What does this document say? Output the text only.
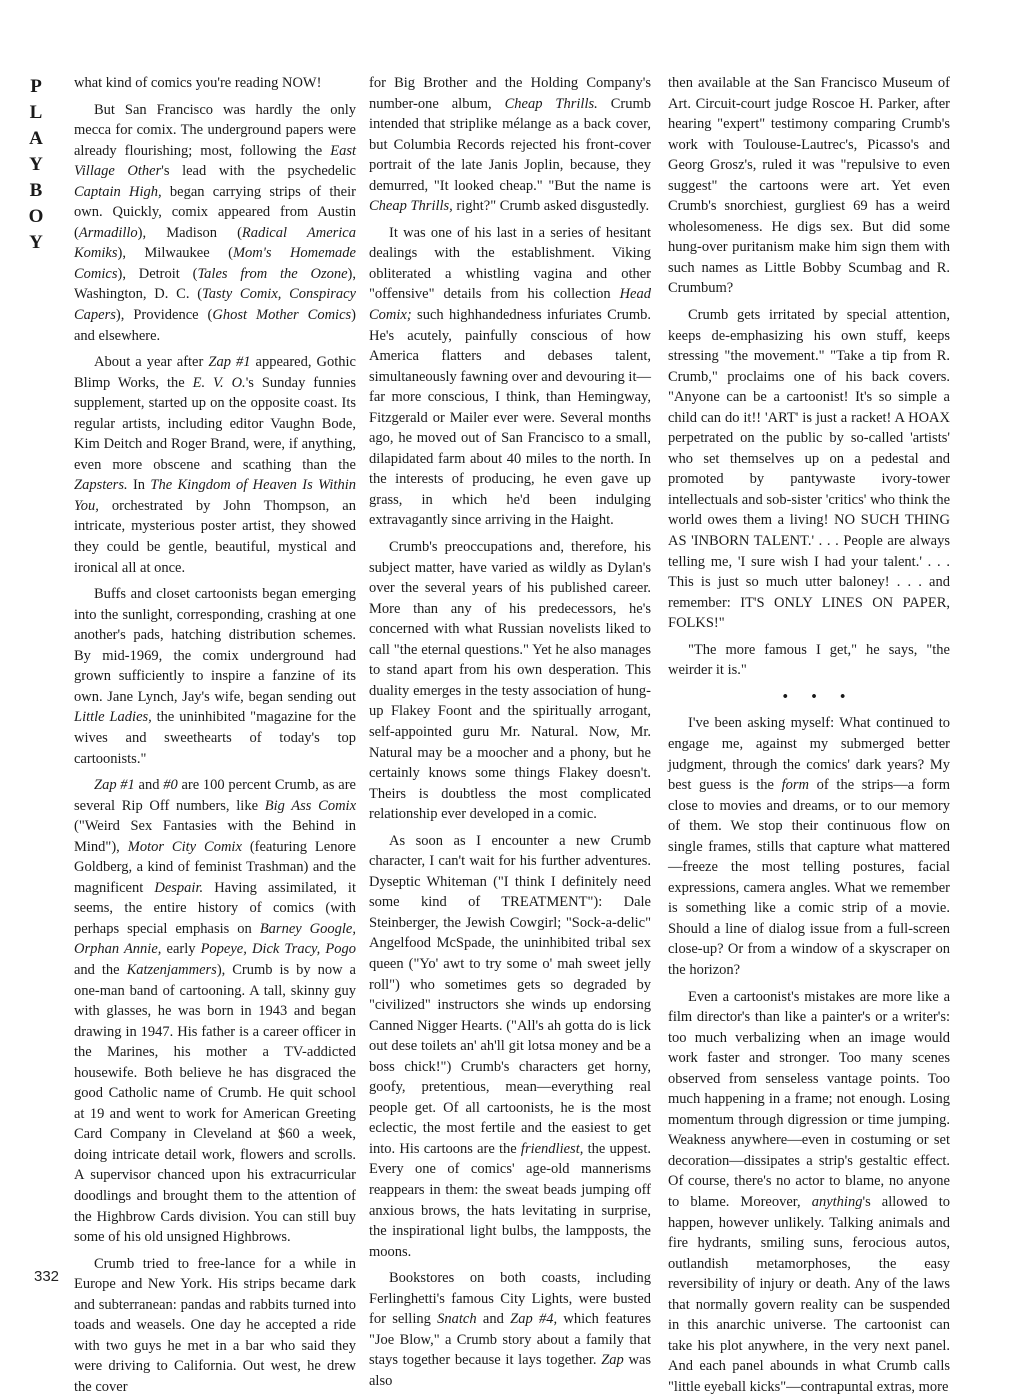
P
L
A
Y
B
O
Y

what kind of comics you're reading NOW!

But San Francisco was hardly the only mecca for comix. The underground papers were already flourishing; most, following the East Village Other's lead with the psychedelic Captain High, began carrying strips of their own. Quickly, comix appeared from Austin (Armadillo), Madison (Radical America Komiks), Milwaukee (Mom's Homemade Comics), Detroit (Tales from the Ozone), Washington, D. C. (Tasty Comix, Conspiracy Capers), Providence (Ghost Mother Comics) and elsewhere.

About a year after Zap #1 appeared, Gothic Blimp Works, the E. V. O.'s Sunday funnies supplement, started up on the opposite coast. Its regular artists, including editor Vaughn Bode, Kim Deitch and Roger Brand, were, if anything, even more obscene and scathing than the Zapsters. In The Kingdom of Heaven Is Within You, orchestrated by John Thompson, an intricate, mysterious poster artist, they showed they could be gentle, beautiful, mystical and ironical all at once.

Buffs and closet cartoonists began emerging into the sunlight, corresponding, crashing at one another's pads, hatching distribution schemes. By mid-1969, the comix underground had grown sufficiently to inspire a fanzine of its own. Jane Lynch, Jay's wife, began sending out Little Ladies, the uninhibited "magazine for the wives and sweethearts of today's top cartoonists."

Zap #1 and #0 are 100 percent Crumb, as are several Rip Off numbers, like Big Ass Comix ("Weird Sex Fantasies with the Behind in Mind"), Motor City Comix (featuring Lenore Goldberg, a kind of feminist Trashman) and the magnificent Despair. Having assimilated, it seems, the entire history of comics (with perhaps special emphasis on Barney Google, Orphan Annie, early Popeye, Dick Tracy, Pogo and the Katzenjammers), Crumb is by now a one-man band of cartooning. A tall, skinny guy with glasses, he was born in 1943 and began drawing in 1947. His father is a career officer in the Marines, his mother a TV-addicted housewife. Both believe he has disgraced the good Catholic name of Crumb. He quit school at 19 and went to work for American Greeting Card Company in Cleveland at $60 a week, doing intricate detail work, flowers and scrolls. A supervisor chanced upon his extracurricular doodlings and brought them to the attention of the Highbrow Cards division. You can still buy some of his old unsigned Highbrows.

Crumb tried to free-lance for a while in Europe and New York. His strips became dark and subterranean: pandas and rabbits turned into toads and weasels. One day he accepted a ride with two guys he met in a bar who said they were driving to California. Out west, he drew the cover

for Big Brother and the Holding Company's number-one album, Cheap Thrills. Crumb intended that striplike mélange as a back cover, but Columbia Records rejected his front-cover portrait of the late Janis Joplin, because, they demurred, "It looked cheap." "But the name is Cheap Thrills, right?" Crumb asked disgustedly.

It was one of his last in a series of hesitant dealings with the establishment. Viking obliterated a whistling vagina and other "offensive" details from his collection Head Comix; such highhandedness infuriates Crumb. He's acutely, painfully conscious of how America flatters and debases talent, simultaneously fawning over and devouring it—far more conscious, I think, than Hemingway, Fitzgerald or Mailer ever were. Several months ago, he moved out of San Francisco to a small, dilapidated farm about 40 miles to the north. In the interests of producing, he even gave up grass, in which he'd been indulging extravagantly since arriving in the Haight.

Crumb's preoccupations and, therefore, his subject matter, have varied as wildly as Dylan's over the several years of his published career. More than any of his predecessors, he's concerned with what Russian novelists liked to call "the eternal questions." Yet he also manages to stand apart from his own desperation. This duality emerges in the testy association of hung-up Flakey Foont and the spiritually arrogant, self-appointed guru Mr. Natural. Now, Mr. Natural may be a moocher and a phony, but he certainly knows some things Flakey doesn't. Theirs is doubtless the most complicated relationship ever developed in a comic.

As soon as I encounter a new Crumb character, I can't wait for his further adventures. Dyseptic Whiteman ("I think I definitely need some kind of TREATMENT"): Dale Steinberger, the Jewish Cowgirl; "Sock-a-delic" Angelfood McSpade, the uninhibited tribal sex queen ("Yo' awt to try some o' mah sweet jelly roll") who sometimes gets so degraded by "civilized" instructors she winds up endorsing Canned Nigger Hearts. ("All's ah gotta do is lick out dese toilets an' ah'll git lotsa money and be a boss chick!") Crumb's characters get horny, goofy, pretentious, mean—everything real people get. Of all cartoonists, he is the most eclectic, the most fertile and the easiest to get into. His cartoons are the friendliest, the uppest. Every one of comics' age-old mannerisms reappears in them: the sweat beads jumping off anxious brows, the hats levitating in surprise, the inspirational light bulbs, the lampposts, the moons.

Bookstores on both coasts, including Ferlinghetti's famous City Lights, were busted for selling Snatch and Zap #4, which features "Joe Blow," a Crumb story about a family that stays together because it lays together. Zap was also

then available at the San Francisco Museum of Art. Circuit-court judge Roscoe H. Parker, after hearing "expert" testimony comparing Crumb's work with Toulouse-Lautrec's, Picasso's and Georg Grosz's, ruled it was "repulsive to even suggest" the cartoons were art. Yet even Crumb's snorchiest, gurgliest 69 has a weird wholesomeness. He digs sex. But did some hung-over puritanism make him sign them with such names as Little Bobby Scumbag and R. Crumbum?

Crumb gets irritated by special attention, keeps de-emphasizing his own stuff, keeps stressing "the movement." "Take a tip from R. Crumb," proclaims one of his back covers. "Anyone can be a cartoonist! It's so simple a child can do it!! 'ART' is just a racket! A HOAX perpetrated on the public by so-called 'artists' who set themselves up on a pedestal and promoted by pantywaste ivory-tower intellectuals and sob-sister 'critics' who think the world owes them a living! NO SUCH THING AS 'INBORN TALENT.' . . . People are always telling me, 'I sure wish I had your talent.' . . . This is just so much utter baloney! . . . and remember: IT'S ONLY LINES ON PAPER, FOLKS!"

"The more famous I get," he says, "the weirder it is."

• • •

I've been asking myself: What continued to engage me, against my submerged better judgment, through the comics' dark years? My best guess is the form of the strips—a form close to movies and dreams, or to our memory of them. We stop their continuous flow on single frames, stills that capture what mattered—freeze the most telling postures, facial expressions, camera angles. What we remember is something like a comic strip of a movie. Should a line of dialog issue from a full-screen close-up? Or from a window of a skyscraper on the horizon?

Even a cartoonist's mistakes are more like a film director's than like a painter's or a writer's: too much verbalizing when an image would work faster and stronger. Too many scenes observed from senseless vantage points. Too much happening in a frame; not enough. Losing momentum through digression or time jumping. Weakness anywhere—even in costuming or set decoration—dissipates a strip's gestaltic effect. Of course, there's no actor to blame, no anyone to blame. Moreover, anything's allowed to happen, however unlikely. Talking animals and fire hydrants, smiling suns, ferocious autos, outlandish metamorphoses, the easy reversibility of injury or death. Any of the laws that normally govern reality can be suspended in this anarchic universe. The cartoonist can take his plot anywhere, in the very next panel. And each panel abounds in what Crumb calls "little eyeball kicks"—contrapuntal extras, more

332
